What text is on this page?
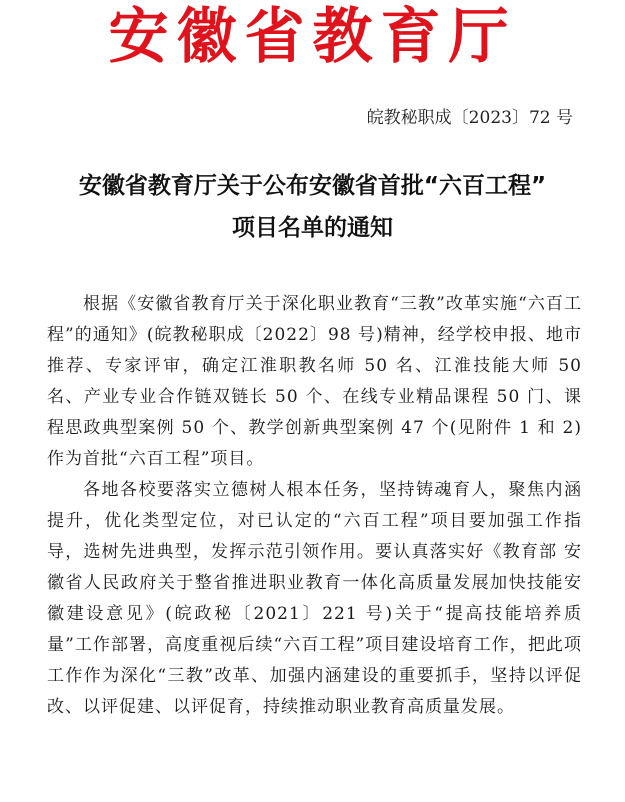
安徽省教育厅
皖教秘职成〔2023〕72 号
安徽省教育厅关于公布安徽省首批“六百工程”
项目名单的通知

根据《安徽省教育厅关于深化职业教育“三教”改革实施“六百工程”的通知》(皖教秘职成〔2022〕98 号)精神，经学校申报、地市推荐、专家评审，确定江淮职教名师 50 名、江淮技能大师 50 名、产业专业合作链双链长 50 个、在线专业精品课程 50 门、课程思政典型案例 50 个、教学创新典型案例 47 个(见附件 1 和 2)作为首批“六百工程”项目。

各地各校要落实立德树人根本任务，坚持铸魂育人，聚焦内涵提升，优化类型定位，对已认定的“六百工程”项目要加强工作指导，选树先进典型，发挥示范引领作用。要认真落实好《教育部 安徽省人民政府关于整省推进职业教育一体化高质量发展加快技能安徽建设意见》(皖政秘〔2021〕221 号)关于“提高技能培养质量”工作部署，高度重视后续“六百工程”项目建设培育工作，把此项工作作为深化“三教”改革、加强内涵建设的重要抓手，坚持以评促改、以评促建、以评促育，持续推动职业教育高质量发展。
